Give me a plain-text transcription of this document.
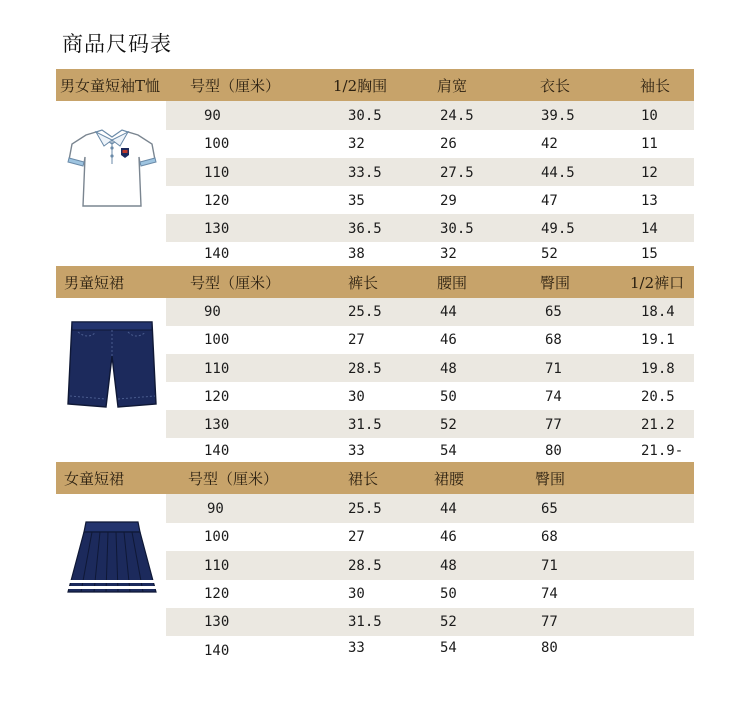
商品尺码表
男女童短袖T恤 号型（厘米）	1/2胸围	肩宽	衣长	袖长
90	30.5	24.5	39.5	10
100	32	26	42	11
110	33.5	27.5	44.5	12
120	35	29	47	13
130	36.5	30.5	49.5	14
140	38	32	52	15
男童短裙	号型（厘米）	裤长	腰围	臀围	1/2裤口
90	25.5	44	65	18.4
100	27	46	68	19.1
110	28.5	48	71	19.8
120	30	50	74	20.5
130	31.5	52	77	21.2
140	33	54	80	21.9-
女童短裙	号型（厘米）	裙长	裙腰	臀围
90	25.5	44	65
100	27	46	68
110	28.5	48	71
120	30	50	74
130	31.5	52	77
140	33	54	80
